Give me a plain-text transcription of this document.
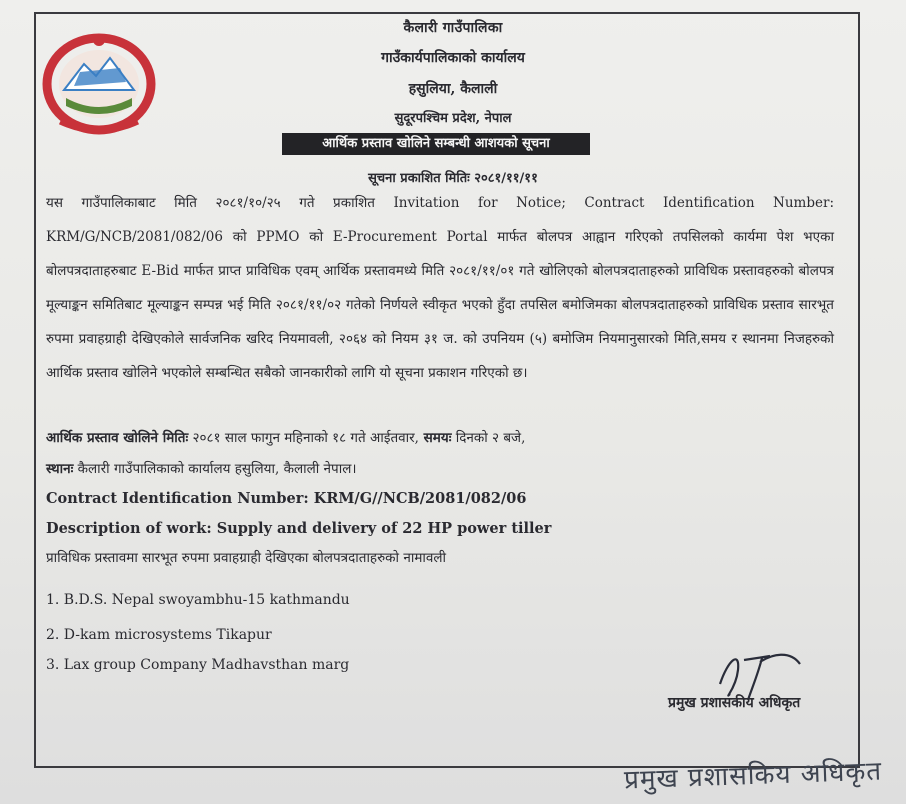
कैलारी गाउँपालिका
गाउँकार्यपालिकाको कार्यालय
हसुलिया, कैलाली
सुदूरपश्चिम प्रदेश, नेपाल
आर्थिक प्रस्ताव खोलिने सम्बन्धी आशयको सूचना
सूचना प्रकाशित मितिः २०८१/११/११
यस गाउँपालिकाबाट मिति २०८१/१०/२५ गते प्रकाशित Invitation for Notice; Contract Identification Number: KRM/G/NCB/2081/082/06 को PPMO को E-Procurement Portal मार्फत बोलपत्र आह्वान गरिएको तपसिलको कार्यमा पेश भएका बोलपत्रदाताहरुबाट E-Bid मार्फत प्राप्त प्राविधिक एवम् आर्थिक प्रस्तावमध्ये मिति २०८१/११/०१ गते खोलिएको बोलपत्रदाताहरुको प्राविधिक प्रस्तावहरुको बोलपत्र मूल्याङ्कन समितिबाट मूल्याङ्कन सम्पन्न भई मिति २०८१/११/०२ गतेको निर्णयले स्वीकृत भएको हुँदा तपसिल बमोजिमका बोलपत्रदाताहरुको प्राविधिक प्रस्ताव सारभूत रुपमा प्रवाहग्राही देखिएकोले सार्वजनिक खरिद नियमावली, २०६४ को नियम ३१ ज. को उपनियम (५) बमोजिम नियमानुसारको मिति,समय र स्थानमा निजहरुको आर्थिक प्रस्ताव खोलिने भएकोले सम्बन्धित सबैको जानकारीको लागि यो सूचना प्रकाशन गरिएको छ।
आर्थिक प्रस्ताव खोलिने मितिः २०८१ साल फागुन महिनाको १८ गते आईतवार, समयः दिनको २ बजे,
स्थानः कैलारी गाउँपालिकाको कार्यालय हसुलिया, कैलाली नेपाल।
Contract Identification Number: KRM/G//NCB/2081/082/06
Description of work: Supply and delivery of 22 HP power tiller
प्राविधिक प्रस्तावमा सारभूत रुपमा प्रवाहग्राही देखिएका बोलपत्रदाताहरुको नामावली
1. B.D.S. Nepal swoyambhu-15 kathmandu
2. D-kam microsystems Tikapur
3. Lax group Company Madhavsthan marg
प्रमुख प्रशासकीय अधिकृत
प्रमुख प्रशासकिय अधिकृत
